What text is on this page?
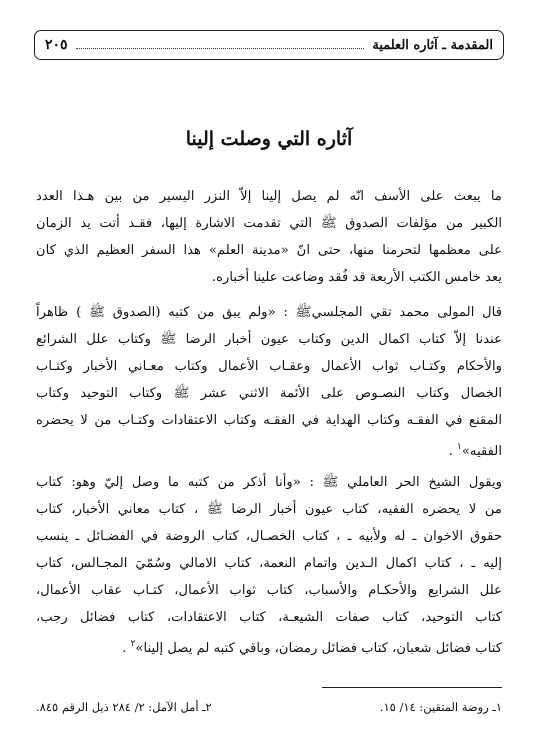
المقدمة ـ آثاره العلمية
٢٠٥
آثاره التي وصلت إلينا

ما يبعث على الأسف انّه لم يصل إلينا إلاّ النزر اليسير من بين هـذا العدد
الكبير من مؤلفات الصدوق ﷺ التي تقدمت الاشارة إليها، فقـد أتت يد الزمان
على معظمها لتحرمنا منها، حتى انّ «مدينة العلم» هذا السفر العظيم الذي كان
يعد خامس الكتب الأربعة قد فُقد وضاعت علينا أخباره.

قال المولى محمد تقي المجلسيﷺ : «ولم يبق من كتبه (الصدوق ﷺ ) ظاهراً
عندنا إلاّ كتاب اكمال الدين وكتاب عيون أخبار الرضا ﷺ وكتاب علل الشرائع
والأحكام وكتـاب ثواب الأعمال وعقـاب الأعمال وكتاب معـاني الأخبار وكتـاب
الخصال وكتاب النصـوص على الأئمة الاثني عشر ﷺ وكتاب التوحيد وكتاب
المقنع في الفقـه وكتاب الهداية في الفقـه وكتاب الاعتقادات وكتـاب من لا يحضره
الفقيه»$^١$ .

ويقول الشيخ الحر العاملي ﷺ : «وأنا أذكر من كتبه ما وصل إليّ وهو: كتاب
من لا يحضره الفقيه، كتاب عيون أخبار الرضا ﷺ ، كتاب معاني الأخبار، كتاب
حقوق الاخوان ـ له ولأبيه ـ ، كتاب الخصـال، كتاب الروضة في الفضـائل ـ ينسب
إليه ـ ، كتاب اكمال الـدين واتمام النعمة، كتاب الامالي وسُمّيَ المجـالس، كتاب
علل الشرايع والأحكـام والأسباب، كتاب ثواب الأعمال، كتـاب عقاب الأعمال،
كتاب التوحيد، كتاب صفات الشيعـة، كتاب الاعتقادات، كتاب فضائل رجب،
كتاب فضائل شعبان، كتاب فضائل رمضان، وباقي كتبه لم يصل إلينا»$^٢$ .

١ـ روضة المتقين: ١٤/ ١٥.
٢ـ أمل الآمل: ٢/ ٢٨٤ ذيل الرقم ٨٤٥.
